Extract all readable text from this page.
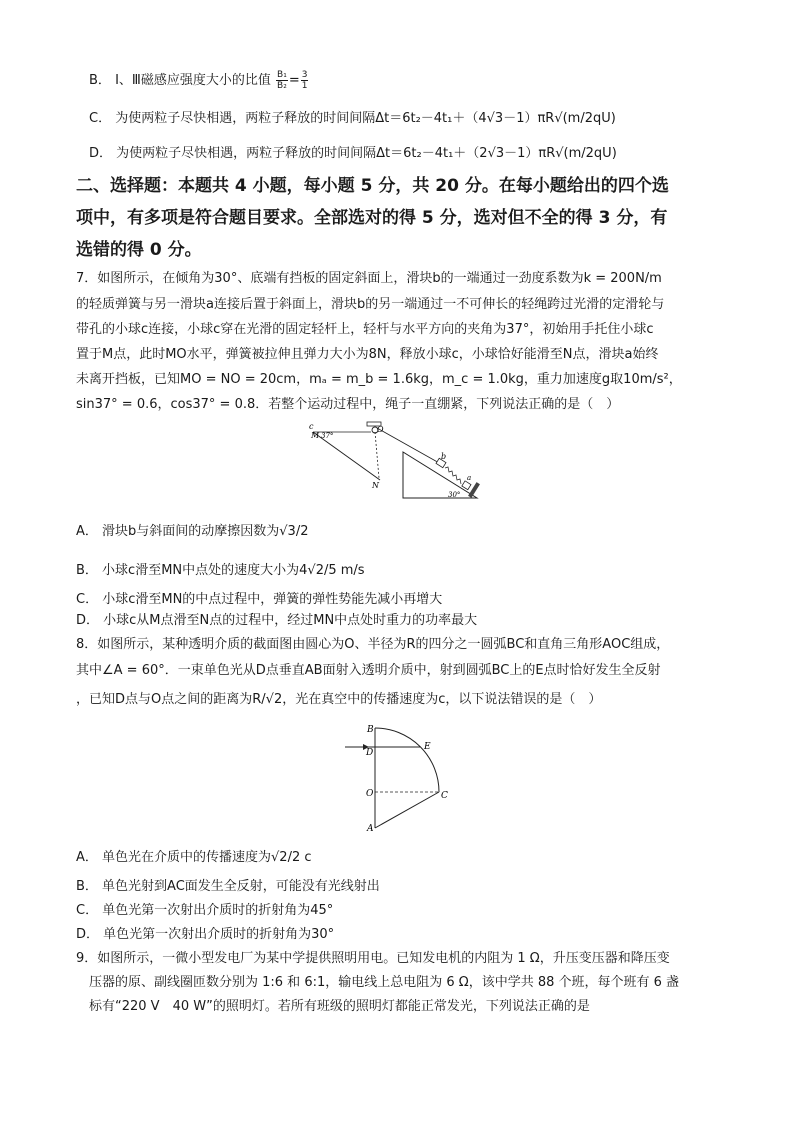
B． Ⅰ、Ⅲ磁感应强度大小的比值 $\frac{\text{B₁}}{\text{B₂}} = \frac{3}{1}$
C． 为使两粒子尽快相遇，两粒子释放的时间间隔Δt＝6t₂－4t₁＋（4√3－1）πR√(m/2qU)
D． 为使两粒子尽快相遇，两粒子释放的时间间隔Δt＝6t₂－4t₁＋（2√3－1）πR√(m/2qU)
二、选择题：本题共 4 小题，每小题 5 分，共 20 分。在每小题给出的四个选
项中，有多项是符合题目要求。全部选对的得 5 分，选对但不全的得 3 分，有
选错的得 0 分。
7．如图所示，在倾角为30°、底端有挡板的固定斜面上，滑块b的一端通过一劲度系数为k = 200N/m
的轻质弹簧与另一滑块a连接后置于斜面上，滑块b的另一端通过一不可伸长的轻绳跨过光滑的定滑轮与
带孔的小球c连接，小球c穿在光滑的固定轻杆上，轻杆与水平方向的夹角为37°，初始用手托住小球c
置于M点，此时MO水平，弹簧被拉伸且弹力大小为8N，释放小球c，小球恰好能滑至N点，滑块a始终
未离开挡板，已知MO = NO = 20cm，mₐ = m_b = 1.6kg，m_c = 1.0kg，重力加速度g取10m/s²，
sin37° = 0.6，cos37° = 0.8．若整个运动过程中，绳子一直绷紧，下列说法正确的是（　）
c
M 37°
O
N
b
a
30°
A． 滑块b与斜面间的动摩擦因数为√3/2
B． 小球c滑至MN中点处的速度大小为4√2/5 m/s
C． 小球c滑至MN的中点过程中，弹簧的弹性势能先减小再增大
D． 小球c从M点滑至N点的过程中，经过MN中点处时重力的功率最大
8．如图所示，某种透明介质的截面图由圆心为O、半径为R的四分之一圆弧BC和直角三角形AOC组成，
其中∠A = 60°．一束单色光从D点垂直AB面射入透明介质中，射到圆弧BC上的E点时恰好发生全反射
，已知D点与O点之间的距离为R/√2，光在真空中的传播速度为c，以下说法错误的是（　）
B
D
E
O	C
A
A． 单色光在介质中的传播速度为√2/2 c
B． 单色光射到AC面发生全反射，可能没有光线射出
C． 单色光第一次射出介质时的折射角为45°
D． 单色光第一次射出介质时的折射角为30°
9．如图所示，一微小型发电厂为某中学提供照明用电。已知发电机的内阻为 1 Ω，升压变压器和降压变
压器的原、副线圈匝数分别为 1:6 和 6:1，输电线上总电阻为 6 Ω，该中学共 88 个班，每个班有 6 盏
标有“220 V　40 W”的照明灯。若所有班级的照明灯都能正常发光，下列说法正确的是
